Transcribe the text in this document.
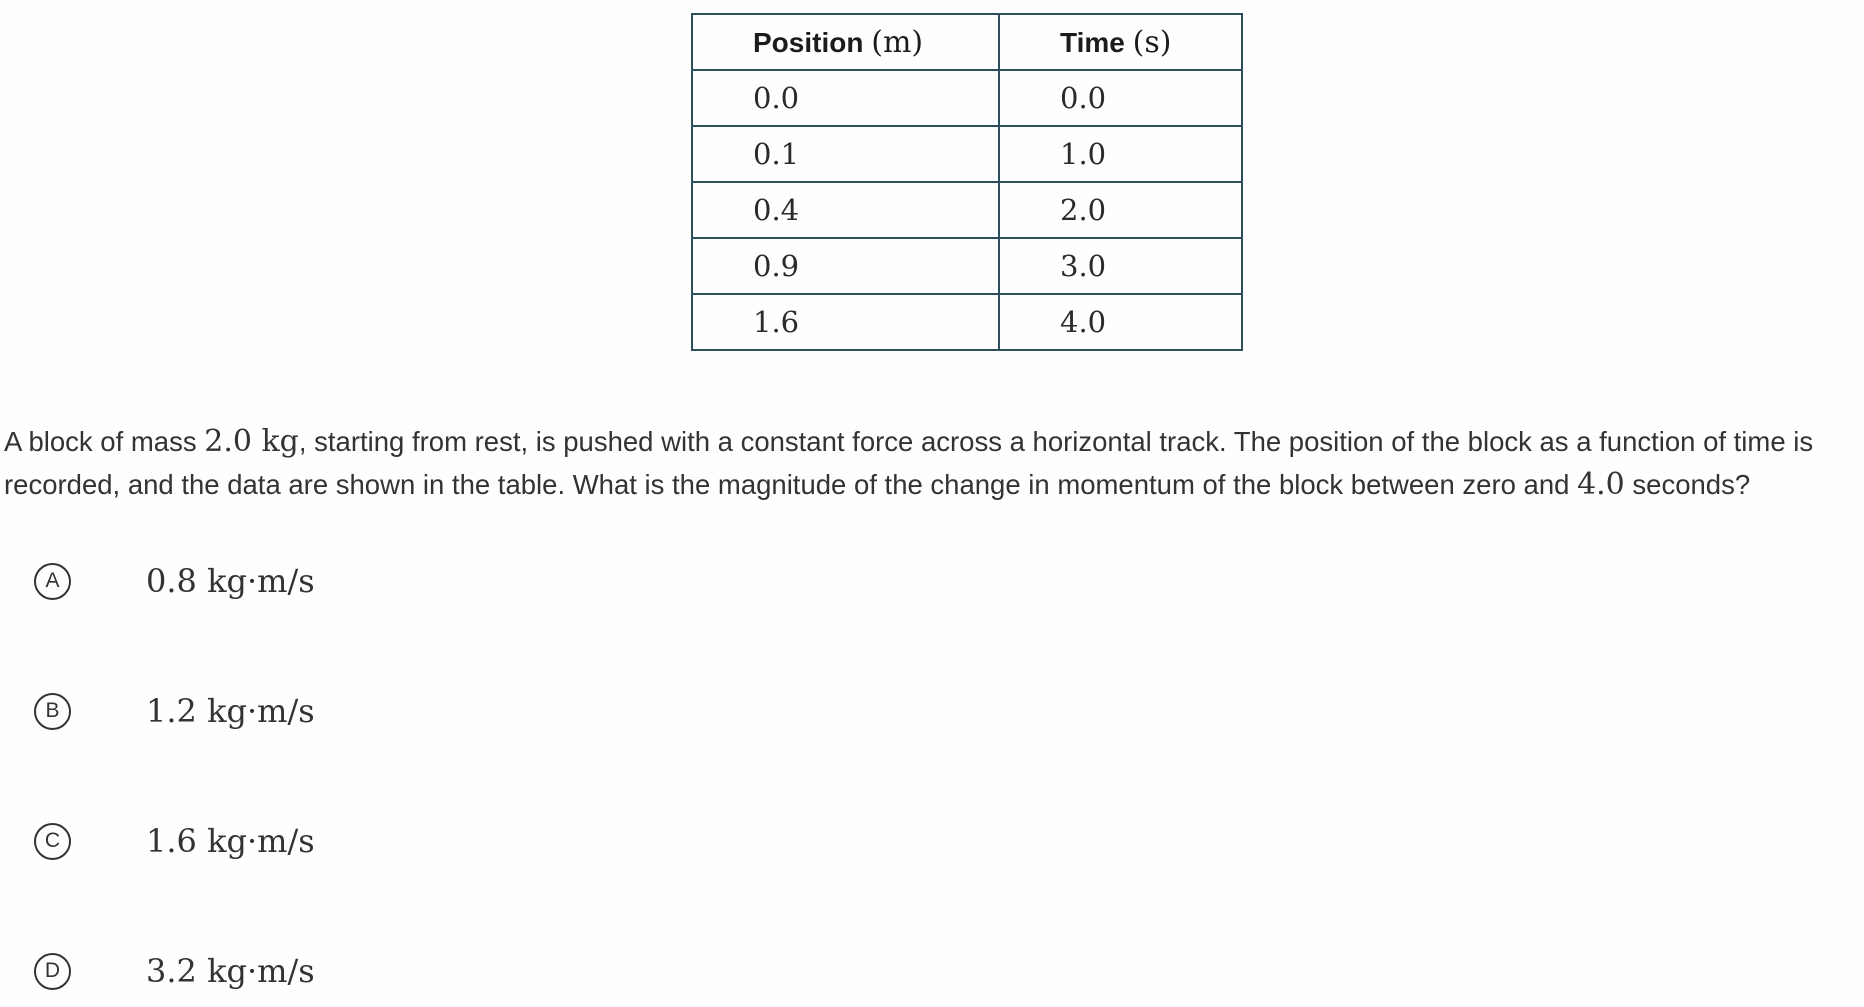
Position (m)	Time (s)
0.0	0.0
0.1	1.0
0.4	2.0
0.9	3.0
1.6	4.0
A block of mass 2.0 kg, starting from rest, is pushed with a constant force across a horizontal track. The position of the block as a function of time is recorded, and the data are shown in the table. What is the magnitude of the change in momentum of the block between zero and 4.0 seconds?
A	0.8 kg·m/s
B	1.2 kg·m/s
C	1.6 kg·m/s
D	3.2 kg·m/s
